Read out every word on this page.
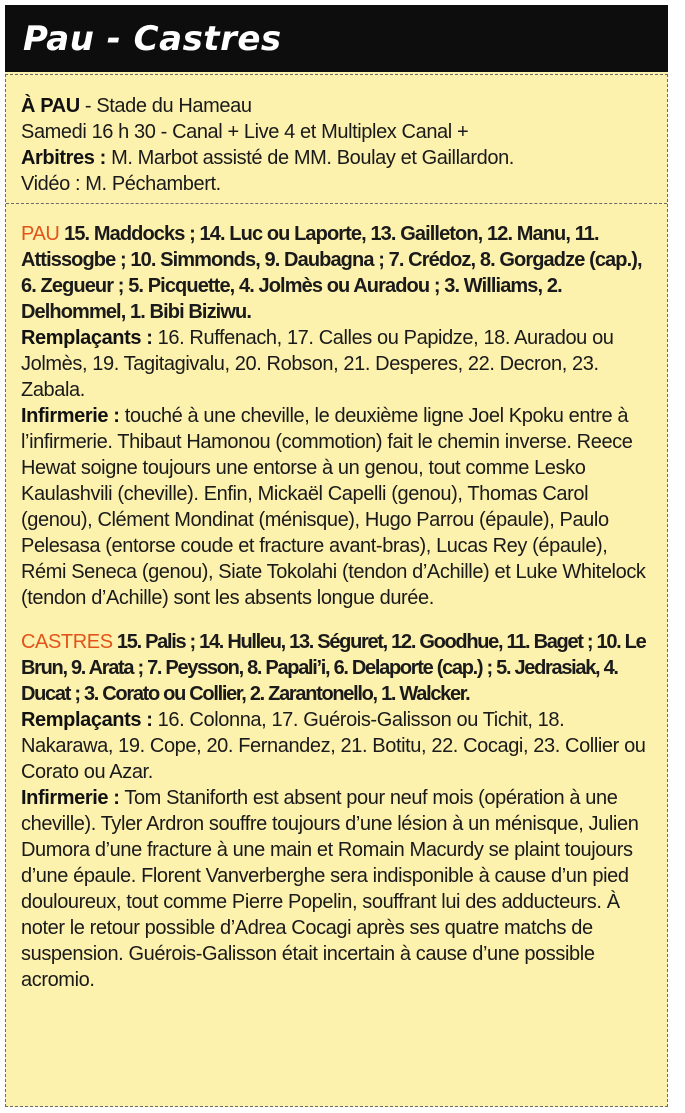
Pau - Castres

À PAU - Stade du Hameau

Samedi 16 h 30 - Canal + Live 4 et Multiplex Canal +

Arbitres : M. Marbot assisté de MM. Boulay et Gaillardon.

Vidéo : M. Péchambert.

PAU 15. Maddocks ; 14. Luc ou Laporte, 13. Gailleton, 12. Manu, 11. Attissogbe ; 10. Simmonds, 9. Daubagna ; 7. Crédoz, 8. Gorgadze (cap.), 6. Zegueur ; 5. Picquette, 4. Jolmès ou Auradou ; 3. Williams, 2. Delhommel, 1. Bibi Biziwu.

Remplaçants : 16. Ruffenach, 17. Calles ou Papidze, 18. Auradou ou Jolmès, 19. Tagitagivalu, 20. Robson, 21. Desperes, 22. Decron, 23. Zabala.

Infirmerie : touché à une cheville, le deuxième ligne Joel Kpoku entre à l’infirmerie. Thibaut Hamonou (commotion) fait le chemin inverse. Reece Hewat soigne toujours une entorse à un genou, tout comme Lesko Kaulashvili (cheville). Enfin, Mickaël Capelli (genou), Thomas Carol (genou), Clément Mondinat (ménisque), Hugo Parrou (épaule), Paulo Pelesasa (entorse coude et fracture avant-bras), Lucas Rey (épaule), Rémi Seneca (genou), Siate Tokolahi (tendon d’Achille) et Luke Whitelock (tendon d’Achille) sont les absents longue durée.

CASTRES 15. Palis ; 14. Hulleu, 13. Séguret, 12. Goodhue, 11. Baget ; 10. Le Brun, 9. Arata ; 7. Peysson, 8. Papali’i, 6. Delaporte (cap.) ; 5. Jedrasiak, 4. Ducat ; 3. Corato ou Collier, 2. Zarantonello, 1. Walcker.

Remplaçants : 16. Colonna, 17. Guérois-Galisson ou Tichit, 18. Nakarawa, 19. Cope, 20. Fernandez, 21. Botitu, 22. Cocagi, 23. Collier ou Corato ou Azar.

Infirmerie : Tom Staniforth est absent pour neuf mois (opération à une cheville). Tyler Ardron souffre toujours d’une lésion à un ménisque, Julien Dumora d’une fracture à une main et Romain Macurdy se plaint toujours d’une épaule. Florent Vanverberghe sera indisponible à cause d’un pied douloureux, tout comme Pierre Popelin, souffrant lui des adducteurs. À noter le retour possible d’Adrea Cocagi après ses quatre matchs de suspension. Guérois-Galisson était incertain à cause d’une possible acromio.
